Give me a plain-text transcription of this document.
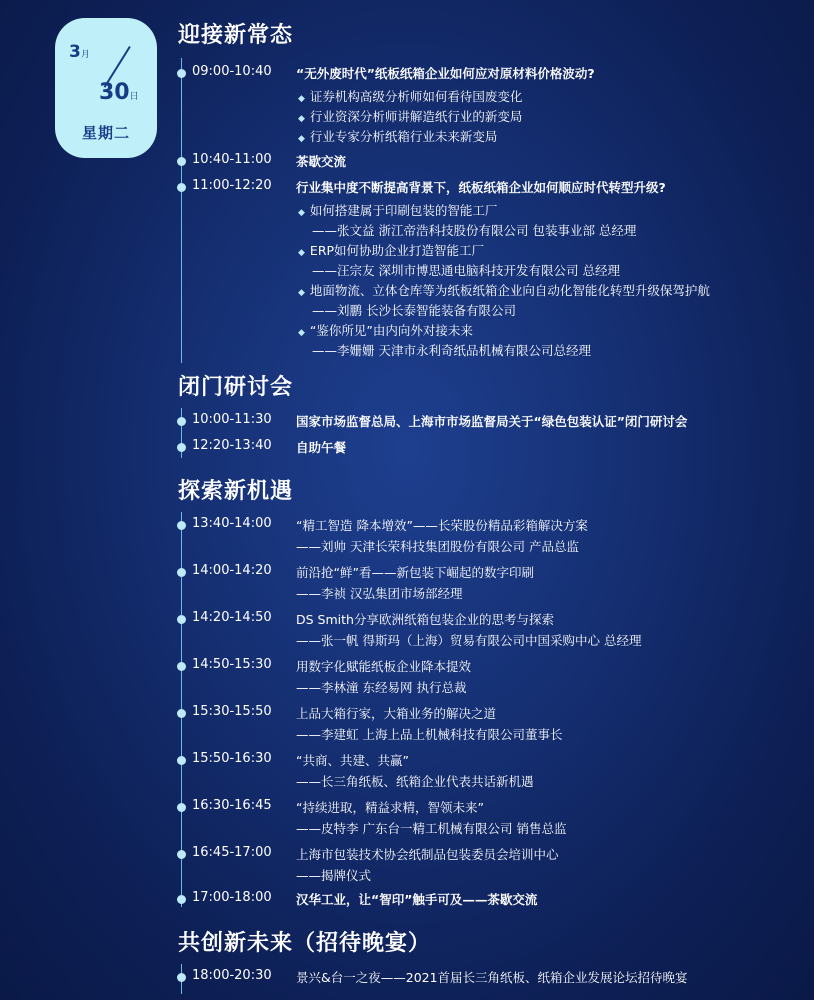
3月
30日
星期二
迎接新常态
09:00-10:40 “无外废时代”纸板纸箱企业如何应对原材料价格波动?
◆ 证券机构高级分析师如何看待国废变化
◆ 行业资深分析师讲解造纸行业的新变局
◆ 行业专家分析纸箱行业未来新变局
10:40-11:00 茶歇交流
11:00-12:20 行业集中度不断提高背景下，纸板纸箱企业如何顺应时代转型升级?
◆ 如何搭建属于印刷包装的智能工厂
——张文益 浙江帝浩科技股份有限公司 包装事业部 总经理
◆ ERP如何协助企业打造智能工厂
——汪宗友 深圳市博思通电脑科技开发有限公司 总经理
◆ 地面物流、立体仓库等为纸板纸箱企业向自动化智能化转型升级保驾护航
——刘鹏 长沙长泰智能装备有限公司
◆ “鉴你所见”由内向外对接未来
——李姗姗 天津市永利奇纸品机械有限公司总经理
闭门研讨会
10:00-11:30 国家市场监督总局、上海市市场监督局关于“绿色包装认证”闭门研讨会
12:20-13:40 自助午餐
探索新机遇
13:40-14:00 “精工智造 降本增效”——长荣股份精品彩箱解决方案
——刘帅 天津长荣科技集团股份有限公司 产品总监
14:00-14:20 前沿抢“鲜”看——新包装下崛起的数字印刷
——李祯 汉弘集团市场部经理
14:20-14:50 DS Smith分享欧洲纸箱包装企业的思考与探索
——张一帆 得斯玛（上海）贸易有限公司中国采购中心 总经理
14:50-15:30 用数字化赋能纸板企业降本提效
——李林潼 东经易网 执行总裁
15:30-15:50 上品大箱行家，大箱业务的解决之道
——李建虹 上海上品上机械科技有限公司董事长
15:50-16:30 “共商、共建、共赢”
——长三角纸板、纸箱企业代表共话新机遇
16:30-16:45 “持续进取，精益求精，智领未来”
——皮特李 广东台一精工机械有限公司 销售总监
16:45-17:00 上海市包装技术协会纸制品包装委员会培训中心
——揭牌仪式
17:00-18:00 汉华工业，让“智印”触手可及——茶歇交流
共创新未来（招待晚宴）
18:00-20:30 景兴&台一之夜——2021首届长三角纸板、纸箱企业发展论坛招待晚宴
